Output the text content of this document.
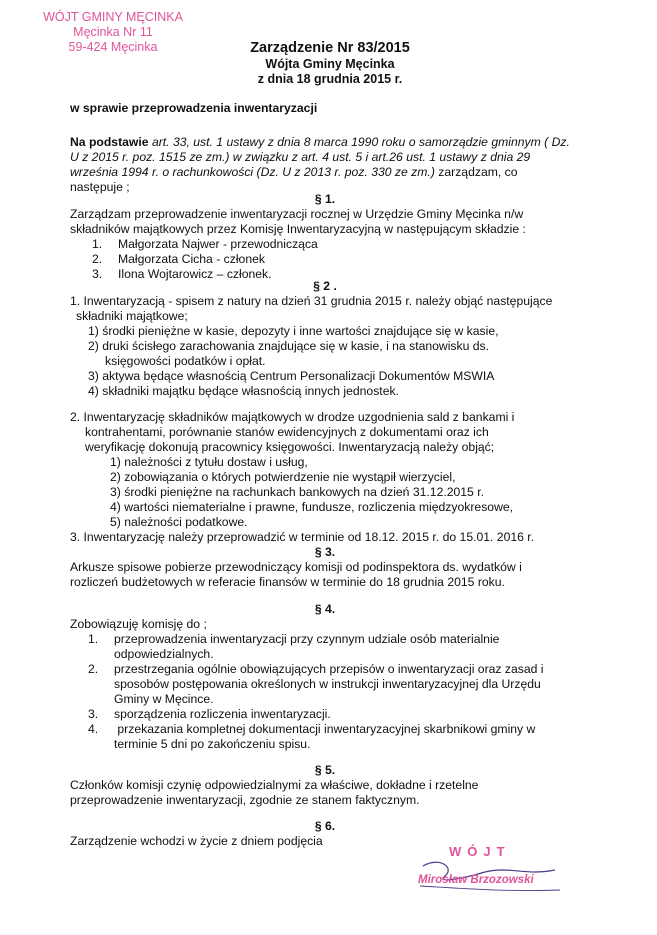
WÓJT GMINY MĘCINKA
Męcinka Nr 11
59-424 Męcinka	Zarządzenie Nr 83/2015
Wójta Gminy Męcinka
z dnia 18 grudnia 2015 r.
w sprawie przeprowadzenia inwentaryzacji
Na podstawie art. 33, ust. 1 ustawy z dnia 8 marca 1990 roku o samorządzie gminnym ( Dz.
U z 2015 r. poz. 1515 ze zm.) w związku z art. 4 ust. 5 i art.26 ust. 1 ustawy z dnia 29
września 1994 r. o rachunkowości (Dz. U z 2013 r. poz. 330 ze zm.) zarządzam, co
następuje ;
§ 1.
Zarządzam przeprowadzenie inwentaryzacji rocznej w Urzędzie Gminy Męcinka n/w
składników majątkowych przez Komisję Inwentaryzacyjną w następującym składzie :
1. Małgorzata Najwer - przewodnicząca
2. Małgorzata Cicha - członek
3. Ilona Wojtarowicz – członek.
§ 2 .
1. Inwentaryzacją - spisem z natury na dzień 31 grudnia 2015 r. należy objąć następujące
składniki majątkowe;
1) środki pieniężne w kasie, depozyty i inne wartości znajdujące się w kasie,
2) druki ścisłego zarachowania znajdujące się w kasie, i na stanowisku ds.
księgowości podatków i opłat.
3) aktywa będące własnością Centrum Personalizacji Dokumentów MSWIA
4) składniki majątku będące własnością innych jednostek.
2. Inwentaryzację składników majątkowych w drodze uzgodnienia sald z bankami i
kontrahentami, porównanie stanów ewidencyjnych z dokumentami oraz ich
weryfikację dokonują pracownicy księgowości. Inwentaryzacją należy objąć;
1) należności z tytułu dostaw i usług,
2) zobowiązania o których potwierdzenie nie wystąpił wierzyciel,
3) środki pieniężne na rachunkach bankowych na dzień 31.12.2015 r.
4) wartości niematerialne i prawne, fundusze, rozliczenia międzyokresowe,
5) należności podatkowe.
3. Inwentaryzację należy przeprowadzić w terminie od 18.12. 2015 r. do 15.01. 2016 r.
§ 3.
Arkusze spisowe pobierze przewodniczący komisji od podinspektora ds. wydatków i
rozliczeń budżetowych w referacie finansów w terminie do 18 grudnia 2015 roku.
§ 4.
Zobowiązuję komisję do ;
1. przeprowadzenia inwentaryzacji przy czynnym udziale osób materialnie
odpowiedzialnych.
2. przestrzegania ogólnie obowiązujących przepisów o inwentaryzacji oraz zasad i
sposobów postępowania określonych w instrukcji inwentaryzacyjnej dla Urzędu
Gminy w Męcince.
3. sporządzenia rozliczenia inwentaryzacji.
4. przekazania kompletnej dokumentacji inwentaryzacyjnej skarbnikowi gminy w
terminie 5 dni po zakończeniu spisu.
§ 5.
Członków komisji czynię odpowiedzialnymi za właściwe, dokładne i rzetelne
przeprowadzenie inwentaryzacji, zgodnie ze stanem faktycznym.
§ 6.
Zarządzenie wchodzi w życie z dniem podjęcia
WÓJT
Mirosław Brzozowski
